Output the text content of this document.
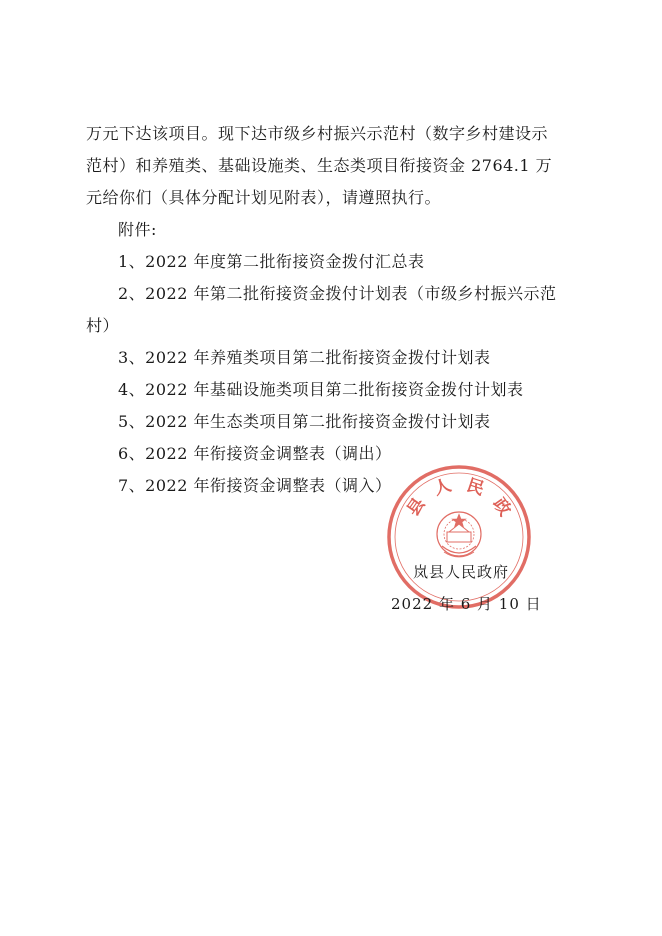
万元下达该项目。现下达市级乡村振兴示范村（数字乡村建设示
范村）和养殖类、基础设施类、生态类项目衔接资金 2764.1 万
元给你们（具体分配计划见附表），请遵照执行。
附件:
1、2022 年度第二批衔接资金拨付汇总表
2、2022 年第二批衔接资金拨付计划表（市级乡村振兴示范
村）
3、2022 年养殖类项目第二批衔接资金拨付计划表
4、2022 年基础设施类项目第二批衔接资金拨付计划表
5、2022 年生态类项目第二批衔接资金拨付计划表
6、2022 年衔接资金调整表（调出）
7、2022 年衔接资金调整表（调入）
县
人 民
政
岚县人民政府
2022 年 6 月 10 日
